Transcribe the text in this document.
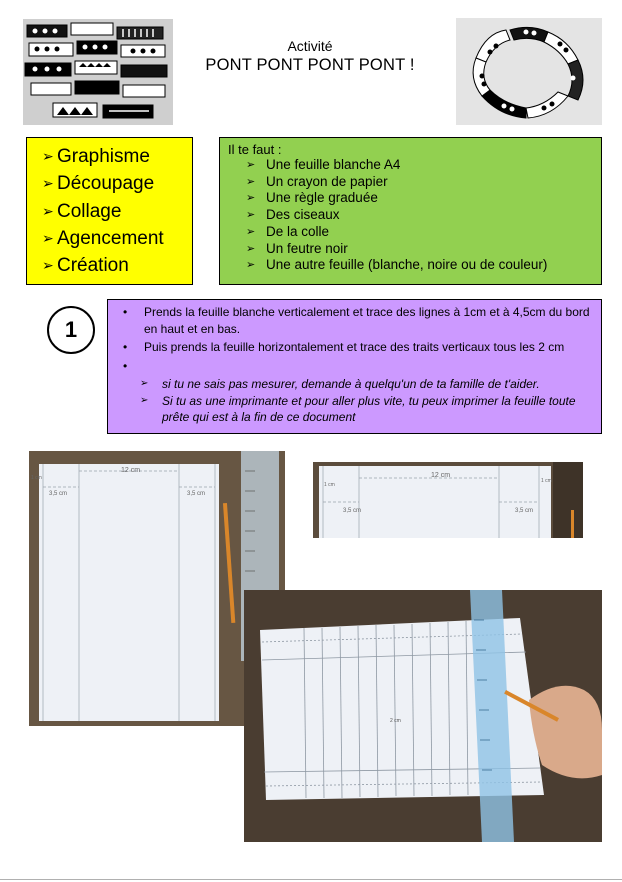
Activité
PONT PONT PONT PONT !
➢ Graphisme
➢ Découpage
➢ Collage
➢ Agencement
➢ Création
Il te faut :
➢ Une feuille blanche A4
➢ Un crayon de papier
➢ Une règle graduée
➢ Des ciseaux
➢ De la colle
➢ Un feutre noir
➢ Une autre feuille (blanche, noire ou de couleur)
1
• Prends la feuille blanche verticalement et trace des lignes à 1cm et à 4,5cm du bord en haut et en bas.
• Puis prends la feuille horizontalement et trace des traits verticaux tous les 2 cm
•

➢ si tu ne sais pas mesurer, demande à quelqu'un de ta famille de t'aider.
➢ Si tu as une imprimante et pour aller plus vite, tu peux imprimer la feuille toute prête qui est à la fin de ce document
12 cm
3,5 cm	3,5 cm
1 cm	12 cm
3,5 cm	3,5 cm
1 cm
1 cm
2 cm
